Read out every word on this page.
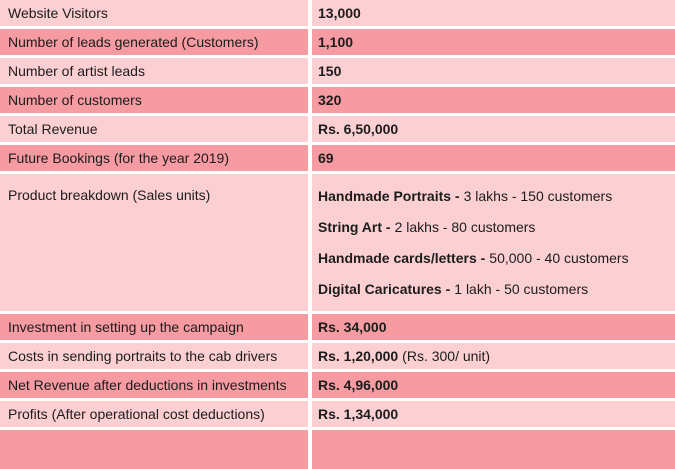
Website Visitors	13,000
Number of leads generated (Customers)	1,100
Number of artist leads	150
Number of customers	320
Total Revenue	Rs. 6,50,000
Future Bookings (for the year 2019)	69
Product breakdown (Sales units)	Handmade Portraits - 3 lakhs - 150 customers
String Art - 2 lakhs - 80 customers
Handmade cards/letters - 50,000 - 40 customers
Digital Caricatures - 1 lakh - 50 customers
Investment in setting up the campaign	Rs. 34,000
Costs in sending portraits to the cab drivers	Rs. 1,20,000 (Rs. 300/ unit)
Net Revenue after deductions in investments	Rs. 4,96,000
Profits (After operational cost deductions)	Rs. 1,34,000
